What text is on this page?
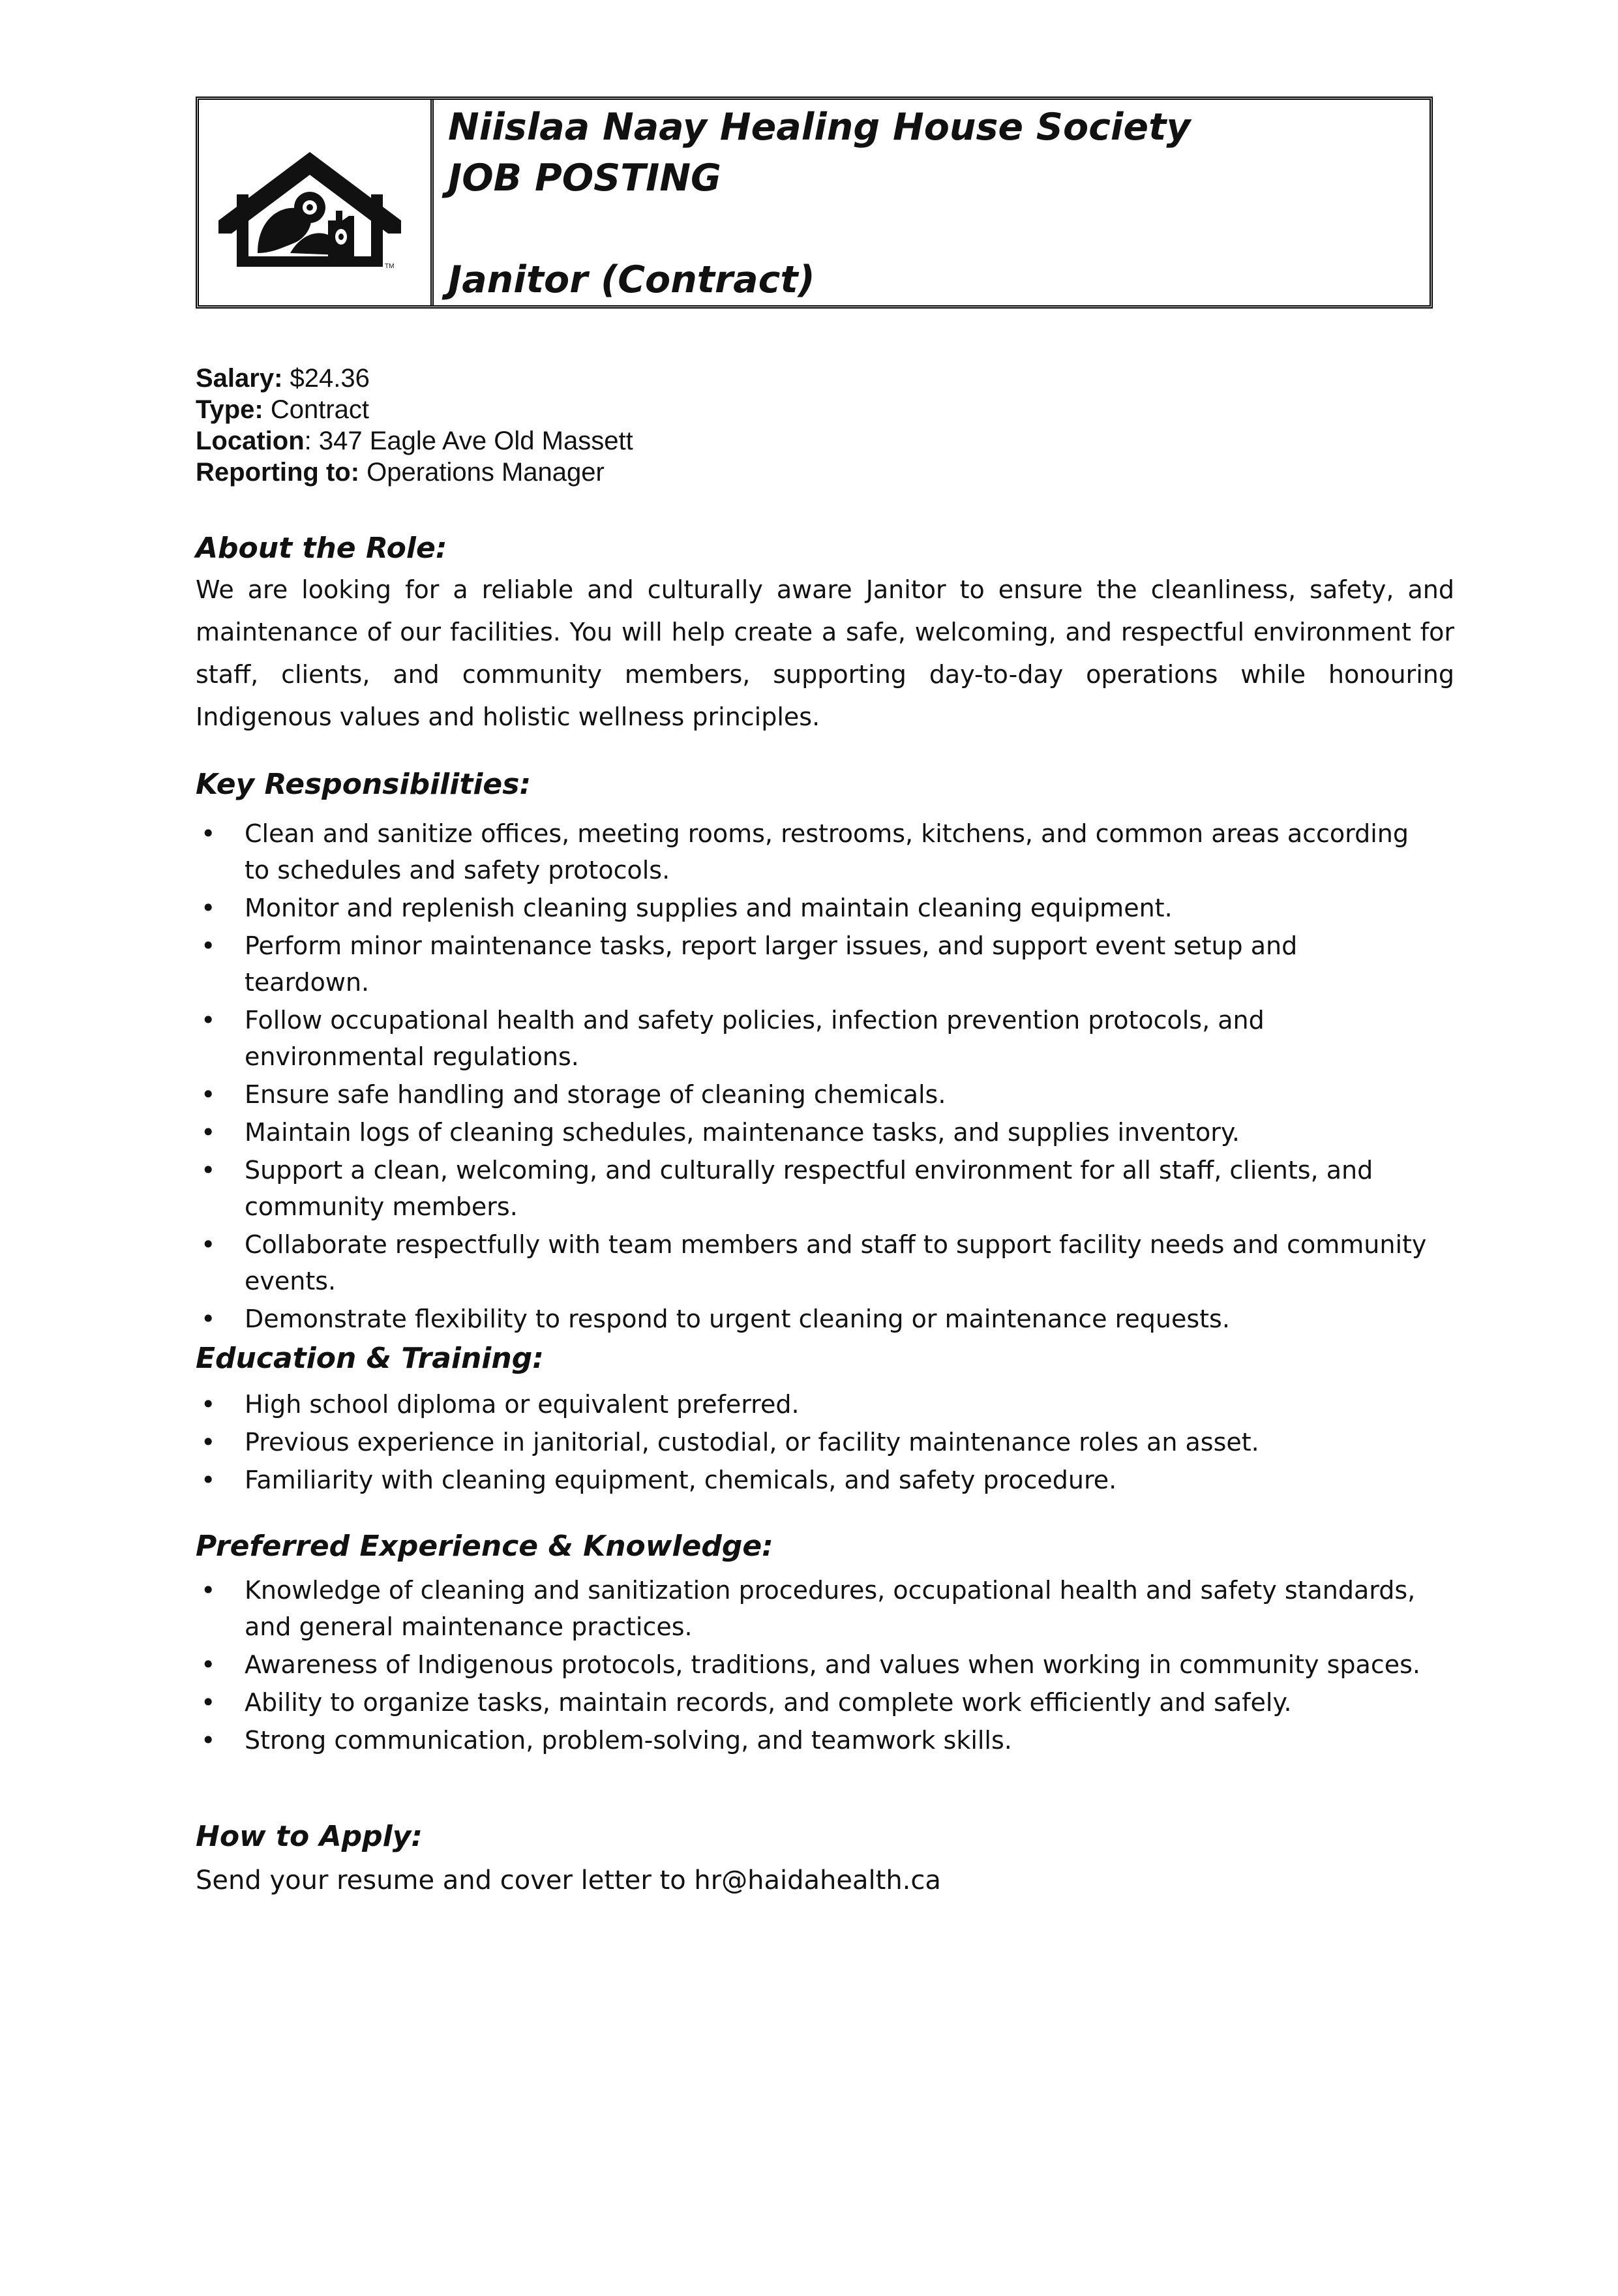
TM
Niislaa Naay Healing House Society
JOB POSTING
Janitor (Contract)
Salary: $24.36
Type: Contract
Location: 347 Eagle Ave Old Massett
Reporting to: Operations Manager
About the Role:
We are looking for a reliable and culturally aware Janitor to ensure the cleanliness, safety, and maintenance of our facilities. You will help create a safe, welcoming, and respectful environment for staff, clients, and community members, supporting day-to-day operations while honouring Indigenous values and holistic wellness principles.
Key Responsibilities:
• Clean and sanitize offices, meeting rooms, restrooms, kitchens, and common areas according to schedules and safety protocols.
• Monitor and replenish cleaning supplies and maintain cleaning equipment.
• Perform minor maintenance tasks, report larger issues, and support event setup and teardown.
• Follow occupational health and safety policies, infection prevention protocols, and environmental regulations.
• Ensure safe handling and storage of cleaning chemicals.
• Maintain logs of cleaning schedules, maintenance tasks, and supplies inventory.
• Support a clean, welcoming, and culturally respectful environment for all staff, clients, and community members.
• Collaborate respectfully with team members and staff to support facility needs and community events.
• Demonstrate flexibility to respond to urgent cleaning or maintenance requests.
Education & Training:
• High school diploma or equivalent preferred.
• Previous experience in janitorial, custodial, or facility maintenance roles an asset.
• Familiarity with cleaning equipment, chemicals, and safety procedure.
Preferred Experience & Knowledge:
• Knowledge of cleaning and sanitization procedures, occupational health and safety standards, and general maintenance practices.
• Awareness of Indigenous protocols, traditions, and values when working in community spaces.
• Ability to organize tasks, maintain records, and complete work efficiently and safely.
• Strong communication, problem-solving, and teamwork skills.
How to Apply:
Send your resume and cover letter to hr@haidahealth.ca
